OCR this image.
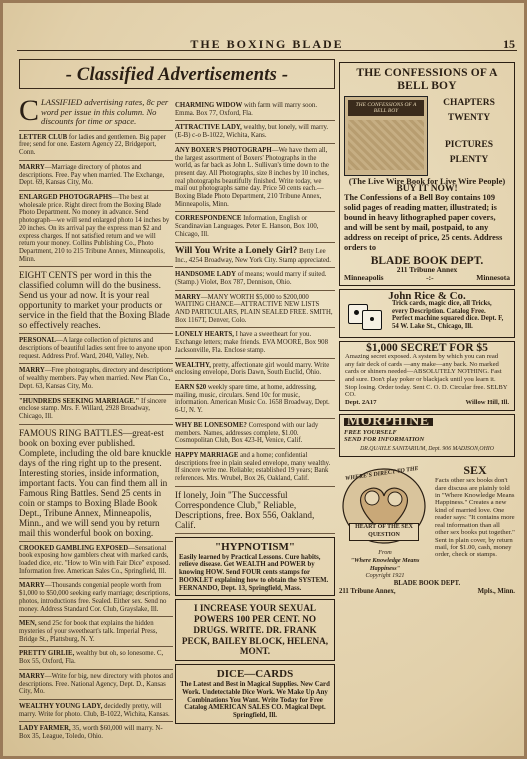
THE BOXING BLADE	15
- Classified Advertisements -
C LASSIFIED advertising rates, 8c per word per issue in this column. No discounts for time or space.
LETTER CLUB for ladies and gentlemen. Big paper free; send for one. Eastern Agency 22, Bridgeport, Conn.
MARRY—Marriage directory of photos and descriptions. Free. Pay when married. The Exchange, Dept. 69, Kansas City, Mo.
ENLARGED PHOTOGRAPHS—The best at wholesale price. Right direct from the Boxing Blade Photo Department. No money in advance. Send photograph—we will send enlarged photo 14 inches by 20 inches. On its arrival pay the express man $2 and express charges. If not satisfied return and we will return your money. Collins Publishing Co., Photo Department, 210 to 215 Tribune Annex, Minneapolis, Minn.
EIGHT CENTS per word in this the classified column will do the business. Send us your ad now. It is your real opportunity to market your products or service in the field that the Boxing Blade so effectively reaches.
PERSONAL—A large collection of pictures and descriptions of beautiful ladies sent free to anyone upon request. Address Prof. Ward, 2040, Valley, Neb.
MARRY—Free photographs, directory and descriptions of wealthy members. Pay when married. New Plan Co., Dept. 63, Kansas City, Mo.
"HUNDREDS SEEKING MARRIAGE." If sincere enclose stamp. Mrs. F. Willard, 2928 Broadway, Chicago, Ill.
FAMOUS RING BATTLES—great-est book on boxing ever published. Complete, including the old bare knuckle days of the ring right up to the present. Interesting stories, inside information, important facts. You can find them all in Famous Ring Battles. Send 25 cents in coin or stamps to Boxing Blade Book Dept., Tribune Annex, Minneapolis, Minn., and we will send you by return mail this wonderful book on boxing.
CROOKED GAMBLING EXPOSED—Sensational book exposing how gamblers cheat with marked cards, loaded dice, etc. "How to Win with Fair Dice" exposed. Information free. American Sales Co., Springfield, Ill.
MARRY—Thousands congenial people worth from $1,000 to $50,000 seeking early marriage; descriptions, photos, introductions free. Sealed. Either sex. Send no money. Address Standard Cor. Club, Grayslake, Ill.
MEN, send 25c for book that explains the hidden mysteries of your sweetheart's talk. Imperial Press, Bridge St., Plattsburg, N. Y.
PRETTY GIRLIE, wealthy but oh, so lonesome. C, Box 55, Oxford, Fla.
MARRY—Write for big, new directory with photos and descriptions. Free. National Agency, Dept. D., Kansas City, Mo.
WEALTHY YOUNG LADY, decidedly pretty, will marry. Write for photo. Club, B-1022, Wichita, Kansas.
LADY FARMER, 35, worth $60,000 will marry. N-Box 35, League, Toledo, Ohio.
CHARMING WIDOW with farm will marry soon. Emma. Box 77, Oxford, Fla.
ATTRACTIVE LADY, wealthy, but lonely, will marry. (E-B) c-o B-1022, Wichita, Kans.
ANY BOXER'S PHOTOGRAPH—We have them all, the largest assortment of Boxers' Photographs in the world, as far back as John L. Sullivan's time down to the present day. All Photographs, size 8 inches by 10 inches, real photographs beautifully finished. Write today, we mail out photographs same day. Price 50 cents each.—Boxing Blade Photo Department, 210 Tribune Annex, Minneapolis, Minn.
CORRESPONDENCE Information, English or Scandinavian Languages. Peter E. Hanson, Box 100, Chicago, Ill.
Will You Write a Lonely Girl? Betty Lee Inc., 4254 Broadway, New York City. Stamp appreciated.
HANDSOME LADY of means; would marry if suited. (Stamp.) Violet, Box 787, Dennison, Ohio.
MARRY—MANY WORTH $5,000 to $200,000 WAITING CHANCE—ATTRACTIVE NEW LISTS AND PARTICULARS, PLAIN SEALED FREE. SMITH, Box 1167T, Denver, Colo.
LONELY HEARTS, I have a sweetheart for you. Exchange letters; make friends. EVA MOORE, Box 908 Jacksonville, Fla. Enclose stamp.
WEALTHY, pretty, affectionate girl would marry. Write enclosing envelope, Doris Dawn, South Euclid, Ohio.
EARN $20 weekly spare time, at home, addressing, mailing, music, circulars. Send 10c for music, information. American Music Co. 1658 Broadway, Dept. 6-U, N. Y.
WHY BE LONESOME? Correspond with our lady members. Names, addresses complete, $1.00. Cosmopolitan Club, Box 423-H, Venice, Calif.
HAPPY MARRIAGE and a home; confidential descriptions free in plain sealed envelope, many wealthy. If sincere write me. Reliable; established 19 years; Bank references. Mrs. Wrubel, Box 26, Oakland, Calif.
If lonely, Join "The Successful Correspondence Club," Reliable, Descriptions, free. Box 556, Oakland, Calif.
"HYPNOTISM"
Easily learned by Practical Lessons. Cure habits, relieve disease. Get WEALTH and POWER by knowing HOW. Send FOUR cents stamps for BOOKLET explaining how to obtain the SYSTEM. FERNANDO, Dept. 13, Springfield, Mass.
I INCREASE YOUR SEXUAL POWERS 100 PER CENT. NO DRUGS. WRITE. DR. FRANK PECK, BAILEY BLOCK, HELENA, MONT.
DICE—CARDS
The Latest and Best in Magical Supplies. New Card Work. Undetectable Dice Work. We Make Up Any Combinations You Want. Write Today for Free Catalog AMERICAN SALES CO. Magical Dept. Springfield, Ill.
THE CONFESSIONS OF A BELL BOY
THE CONFESSIONS OF A BELL BOY
CHAPTERS
TWENTY
PICTURES
PLENTY
(The Live Wire Book for Live Wire People)
BUY IT NOW!
The Confessions of a Bell Boy contains 109 solid pages of reading matter, illustrated; is bound in heavy lithographed paper covers, and will be sent by mail, postpaid, to any address on receipt of price, 25 cents. Address orders to
BLADE BOOK DEPT.
211 Tribune Annex
Minneapolis	-:-	Minnesota
John Rice & Co.
Trick cards, magic dice, all Tricks, every Description. Catalog Free. Perfect machine squared dice. Dept. F, 54 W. Lake St., Chicago, Ill.
$1,000 SECRET FOR $5
Amazing secret exposed. A system by which you can read any fair deck of cards —any make—any back. No marked cards or shiners needed—ABSOLUTELY NOTHING. Fast and sure. Don't play poker or blackjack until you learn it. Stop losing. Order today. Sent C. O. D. Circular free. SELBY CO.
Dept. 2A17	Willow Hill, Ill.
MORPHINE
FREE YOURSELF
SEND FOR INFORMATION
DR.QUAYLE SANITARIUM, Dept. 906 MADISON,OHIO
WHERE'S DIRECT TO THE
HEART OF THE SEX QUESTION
From
"Where Knowledge Means Happiness"
Copyright 1921
SEX
Facts other sex books don't dare discuss are plainly told in "Where Knowledge Means Happiness." Creates a new kind of married love. One reader says: "It contains more real information than all other sex books put together." Sent in plain cover, by return mail, for $1.00, cash, money order, check or stamps.
BLADE BOOK DEPT.
211 Tribune Annex,	Mpls., Minn.
